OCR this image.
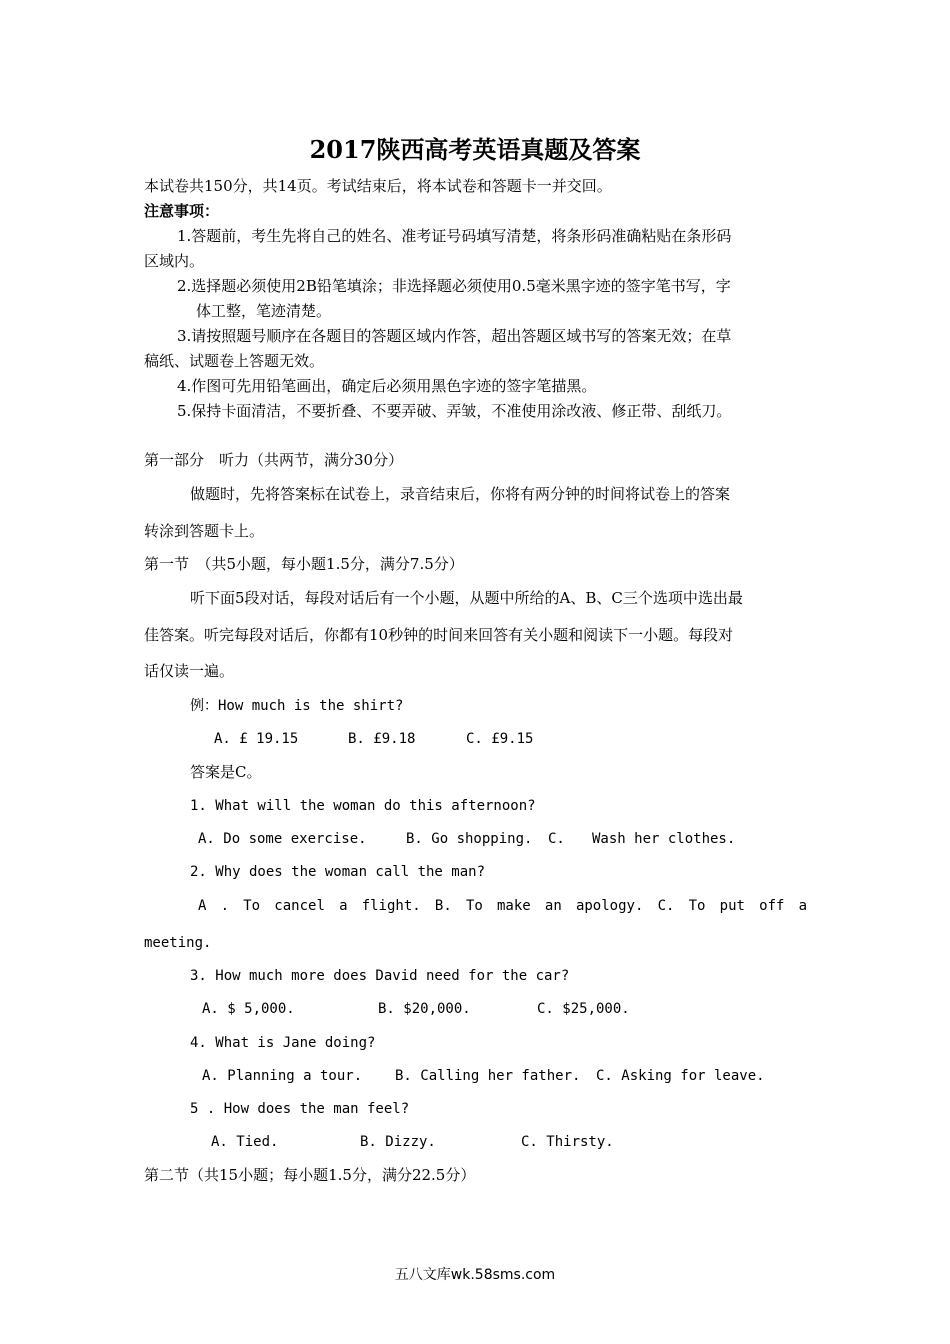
2017陕西高考英语真题及答案
本试卷共150分，共14页。考试结束后，将本试卷和答题卡一并交回。
注意事项：
1.答题前，考生先将自己的姓名、准考证号码填写清楚，将条形码准确粘贴在条形码
区域内。
2.选择题必须使用2B铅笔填涂；非选择题必须使用0.5毫米黑字迹的签字笔书写，字
体工整，笔迹清楚。
3.请按照题号顺序在各题目的答题区域内作答，超出答题区域书写的答案无效；在草
稿纸、试题卷上答题无效。
4.作图可先用铅笔画出，确定后必须用黑色字迹的签字笔描黑。
5.保持卡面清洁，不要折叠、不要弄破、弄皱，不准使用涂改液、修正带、刮纸刀。
第一部分　听力（共两节，满分30分）
做题时，先将答案标在试卷上，录音结束后，你将有两分钟的时间将试卷上的答案
转涂到答题卡上。
第一节　（共5小题，每小题1.5分，满分7.5分）
听下面5段对话，每段对话后有一个小题，从题中所给的A、B、C三个选项中选出最
佳答案。听完每段对话后，你都有10秒钟的时间来回答有关小题和阅读下一小题。每段对
话仅读一遍。
例：How much is the shirt?
A. £ 19.15	B. £9.18	C. £9.15
答案是C。
1. What will the woman do this afternoon?
A. Do some exercise.	B. Go shopping. C. Wash her clothes.
2. Why does the woman call the man?
A . To cancel a flight. B. To make an apology. C. To put off a
meeting.
3. How much more does David need for the car?
A. $ 5,000.	B. $20,000.	C. $25,000.
4. What is Jane doing?
A. Planning a tour. B. Calling her father. C. Asking for leave.
5 . How does the man feel?
A. Tied.	B. Dizzy.	C. Thirsty.
第二节（共15小题；每小题1.5分，满分22.5分）
五八文库wk.58sms.com
